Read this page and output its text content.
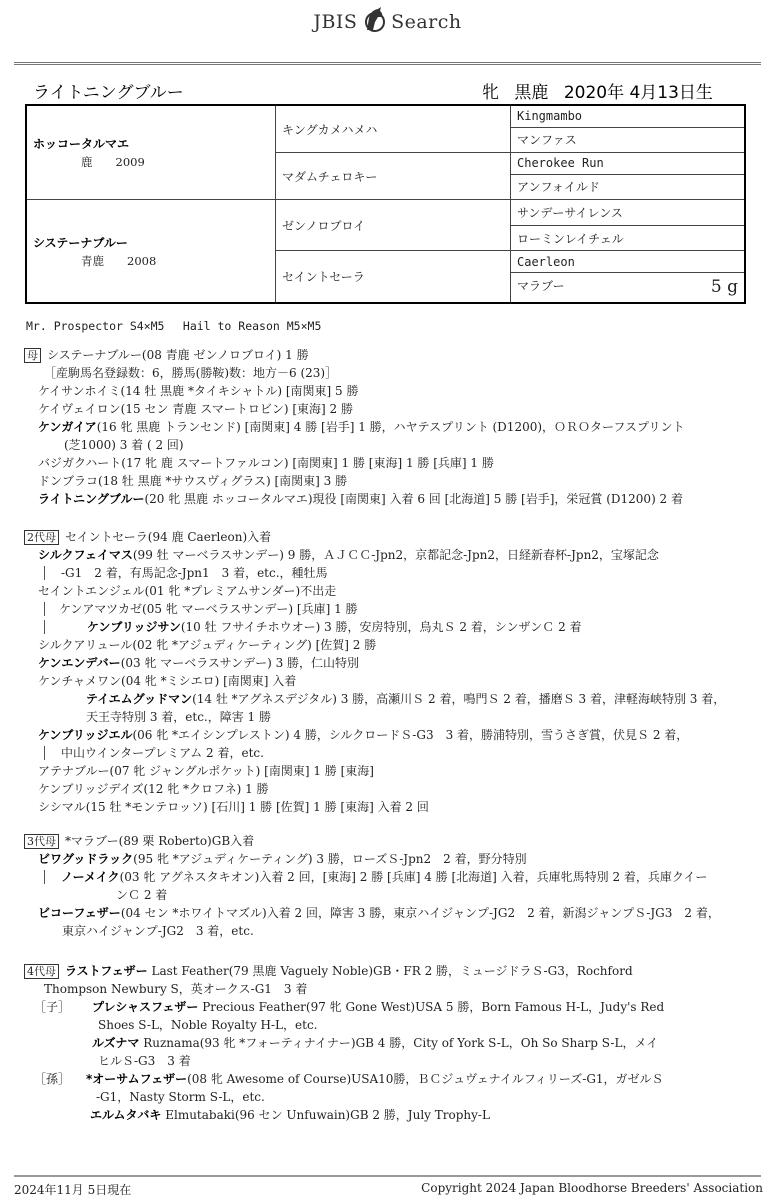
JBIS Search
ライトニングブルー	牝 黒鹿 2020年 4月13日生
ホッコータルマエ
鹿　　 2009	キングカメハメハ	Kingmambo
		マンファス
	マダムチェロキー	Cherokee Run
		アンフォイルド

システーナブルー
青鹿　　 2008	ゼンノロブロイ	サンデーサイレンス
		ローミンレイチェル
	セイントセーラ	Caerleon
		マラブー 5 g
Mr. Prospector S4×M5　 Hail to Reason M5×M5
母 システーナブルー(08 青鹿 ゼンノロブロイ) 1 勝
［産駒馬名登録数：6，勝馬(勝鞍)数：地方－6 (23)］
ケイサンホイミ(14 牡 黒鹿 *タイキシャトル) [南関東] 5 勝
ケイヴェイロン(15 セン 青鹿 スマートロビン) [東海] 2 勝
ケンガイア(16 牝 黒鹿 トランセンド) [南関東] 4 勝 [岩手] 1 勝，ハヤテスプリント (D1200)，ＯＲＯターフスプリント
(芝1000) 3 着 ( 2 回)
バジガクハート(17 牝 鹿 スマートファルコン) [南関東] 1 勝 [東海] 1 勝 [兵庫] 1 勝
ドンブラコ(18 牡 黒鹿 *サウスヴィグラス) [南関東] 3 勝
ライトニングブルー(20 牝 黒鹿 ホッコータルマエ)現役 [南関東] 入着 6 回 [北海道] 5 勝 [岩手]，栄冠賞 (D1200) 2 着
2代母 セイントセーラ(94 鹿 Caerleon)入着
シルクフェイマス(99 牡 マーベラスサンデー) 9 勝，ＡＪＣＣ-Jpn2，京都記念-Jpn2，日経新春杯-Jpn2，宝塚記念
-G1　2 着，有馬記念-Jpn1　3 着，etc.，種牡馬
セイントエンジェル(01 牝 *プレミアムサンダー)不出走
ケンアマツカゼ(05 牝 マーベラスサンデー) [兵庫] 1 勝
ケンブリッジサン(10 牡 フサイチホウオー) 3 勝，安房特別，烏丸Ｓ 2 着，シンザンＣ 2 着
シルクアリュール(02 牝 *アジュディケーティング) [佐賀] 2 勝
ケンエンデバー(03 牝 マーベラスサンデー) 3 勝，仁山特別
ケンチャメワン(04 牝 *ミシエロ) [南関東] 入着
テイエムグッドマン(14 牡 *アグネスデジタル) 3 勝，高瀬川Ｓ 2 着，鳴門Ｓ 2 着，播磨Ｓ 3 着，津軽海峡特別 3 着，
天王寺特別 3 着，etc.，障害 1 勝
ケンブリッジエル(06 牝 *エイシンプレストン) 4 勝，シルクロードＳ-G3　3 着，勝浦特別，雪うさぎ賞，伏見Ｓ 2 着，
中山ウインタープレミアム 2 着，etc.
アテナブルー(07 牝 ジャングルポケット) [南関東] 1 勝 [東海]
ケンブリッジデイズ(12 牝 *クロフネ) 1 勝
シシマル(15 牡 *モンテロッソ) [石川] 1 勝 [佐賀] 1 勝 [東海] 入着 2 回
3代母 *マラブー(89 栗 Roberto)GB入着
ビワグッドラック(95 牝 *アジュディケーティング) 3 勝，ローズＳ-Jpn2　2 着，野分特別
ノーメイク(03 牝 アグネスタキオン)入着 2 回，[東海] 2 勝 [兵庫] 4 勝 [北海道] 入着，兵庫牝馬特別 2 着，兵庫クイー
ンＣ 2 着
ビコーフェザー(04 セン *ホワイトマズル)入着 2 回，障害 3 勝，東京ハイジャンプ-JG2　2 着，新潟ジャンプＳ-JG3　2 着，
東京ハイジャンプ-JG2　3 着，etc.
4代母 ラストフェザー Last Feather(79 黒鹿 Vaguely Noble)GB・FR 2 勝，ミュージドラＳ-G3，Rochford
Thompson Newbury S，英オークス-G1　3 着
［子］ プレシャスフェザー Precious Feather(97 牝 Gone West)USA 5 勝，Born Famous H-L，Judy's Red
Shoes S-L，Noble Royalty H-L，etc.
ルズナマ Ruznama(93 牝 *フォーティナイナー)GB 4 勝，City of York S-L，Oh So Sharp S-L，メイ
ヒルＳ-G3　3 着
［孫］ *オーサムフェザー(08 牝 Awesome of Course)USA10勝，ＢＣジュヴェナイルフィリーズ-G1，ガゼルＳ
-G1，Nasty Storm S-L，etc.
エルムタバキ Elmutabaki(96 セン Unfuwain)GB 2 勝，July Trophy-L
2024年11月 5日現在	Copyright 2024 Japan Bloodhorse Breeders' Association
